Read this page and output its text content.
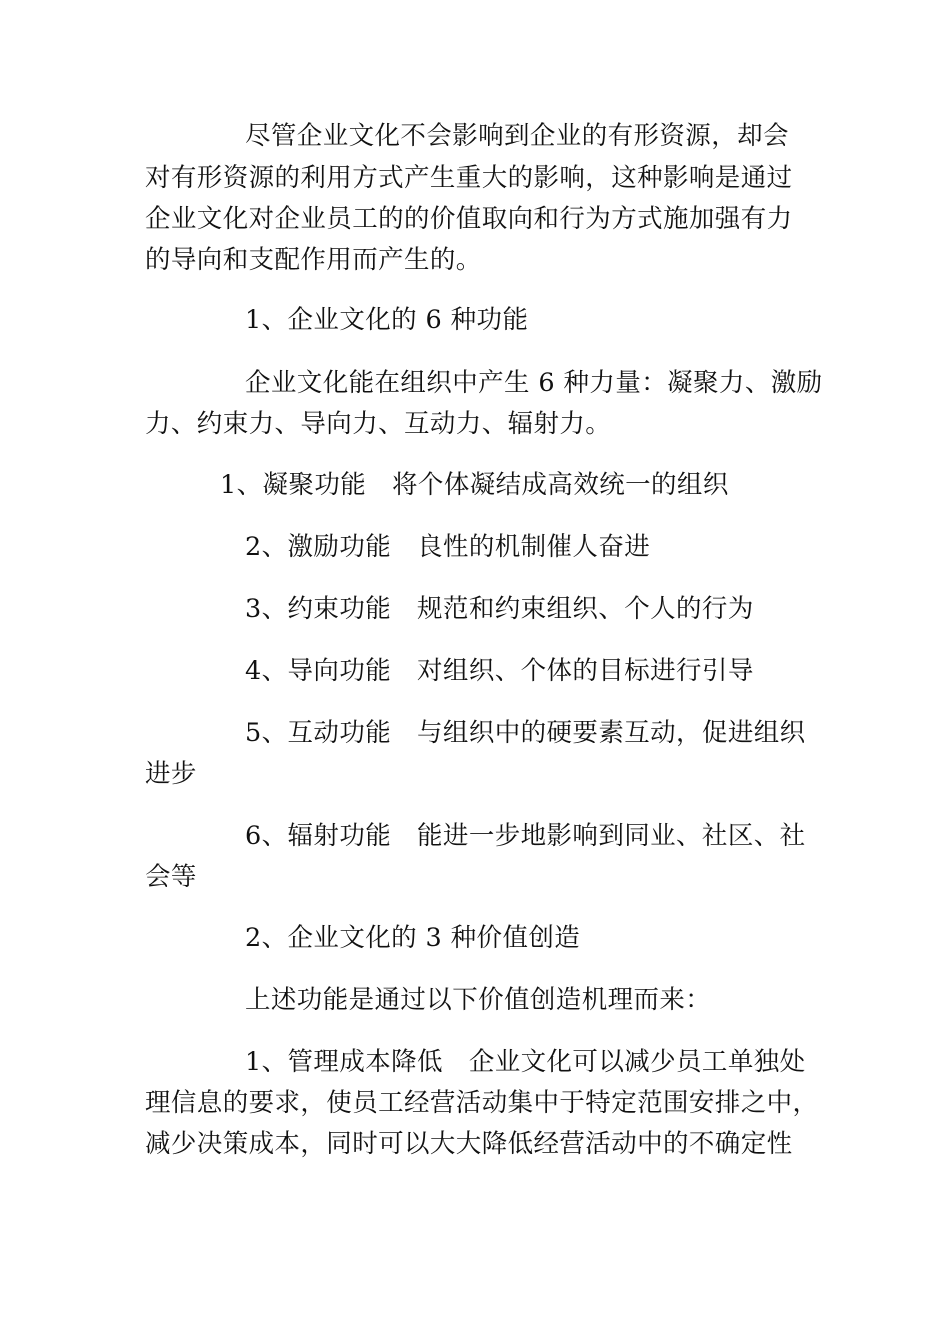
尽管企业文化不会影响到企业的有形资源，却会
对有形资源的利用方式产生重大的影响，这种影响是通过
企业文化对企业员工的的价值取向和行为方式施加强有力
的导向和支配作用而产生的。
1、企业文化的 6 种功能
企业文化能在组织中产生 6 种力量：凝聚力、激励
力、约束力、导向力、互动力、辐射力。
1、凝聚功能　将个体凝结成高效统一的组织
2、激励功能　良性的机制催人奋进
3、约束功能　规范和约束组织、个人的行为
4、导向功能　对组织、个体的目标进行引导
5、互动功能　与组织中的硬要素互动，促进组织
进步
6、辐射功能　能进一步地影响到同业、社区、社
会等
2、企业文化的 3 种价值创造
上述功能是通过以下价值创造机理而来：
1、管理成本降低　企业文化可以减少员工单独处
理信息的要求，使员工经营活动集中于特定范围安排之中，
减少决策成本，同时可以大大降低经营活动中的不确定性
